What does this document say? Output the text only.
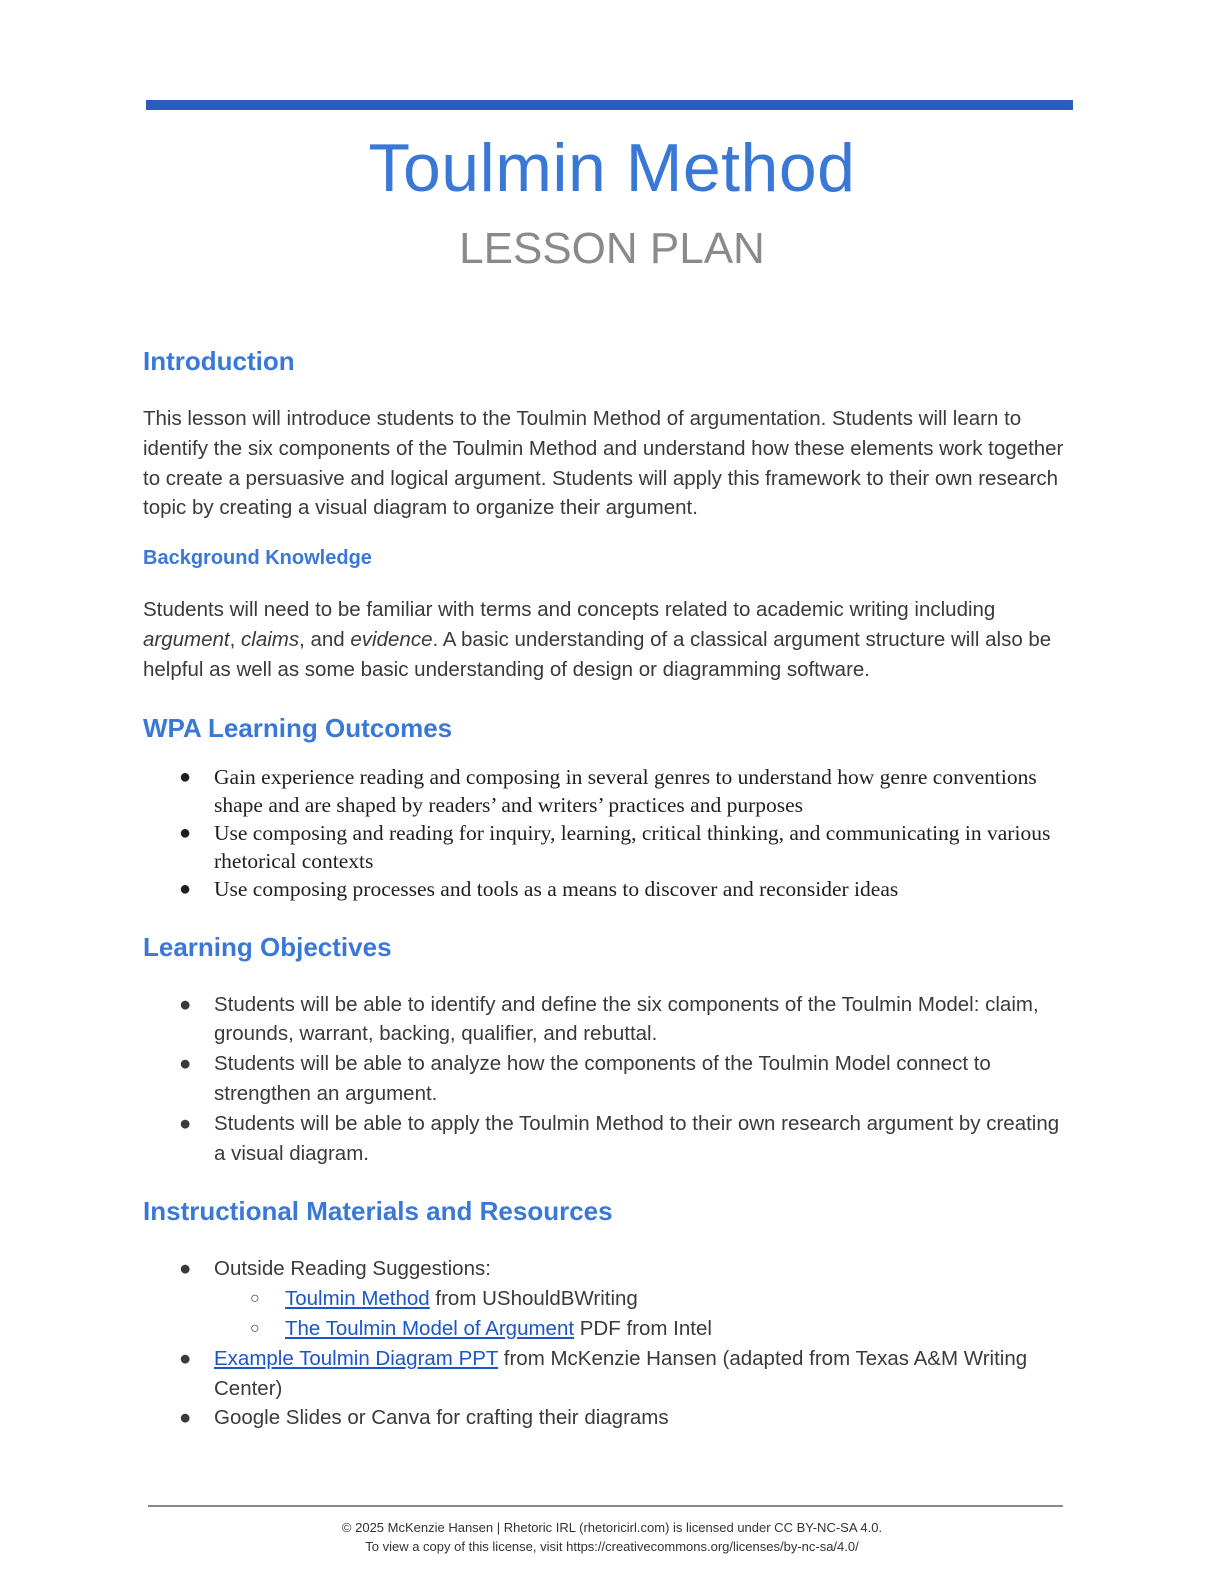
Toulmin Method
LESSON PLAN
Introduction

This lesson will introduce students to the Toulmin Method of argumentation. Students will learn to identify the six components of the Toulmin Method and understand how these elements work together to create a persuasive and logical argument. Students will apply this framework to their own research topic by creating a visual diagram to organize their argument.

Background Knowledge

Students will need to be familiar with terms and concepts related to academic writing including argument, claims, and evidence. A basic understanding of a classical argument structure will also be helpful as well as some basic understanding of design or diagramming software.

WPA Learning Outcomes
● Gain experience reading and composing in several genres to understand how genre conventions shape and are shaped by readers’ and writers’ practices and purposes
● Use composing and reading for inquiry, learning, critical thinking, and communicating in various rhetorical contexts
● Use composing processes and tools as a means to discover and reconsider ideas
Learning Objectives
● Students will be able to identify and define the six components of the Toulmin Model: claim, grounds, warrant, backing, qualifier, and rebuttal.
● Students will be able to analyze how the components of the Toulmin Model connect to strengthen an argument.
● Students will be able to apply the Toulmin Method to their own research argument by creating a visual diagram.
Instructional Materials and Resources
● Outside Reading Suggestions:
○ Toulmin Method from UShouldBWriting
○ The Toulmin Model of Argument PDF from Intel
● Example Toulmin Diagram PPT from McKenzie Hansen (adapted from Texas A&M Writing Center)
● Google Slides or Canva for crafting their diagrams
© 2025 McKenzie Hansen | Rhetoric IRL (rhetoricirl.com) is licensed under CC BY-NC-SA 4.0.
To view a copy of this license, visit https://creativecommons.org/licenses/by-nc-sa/4.0/
